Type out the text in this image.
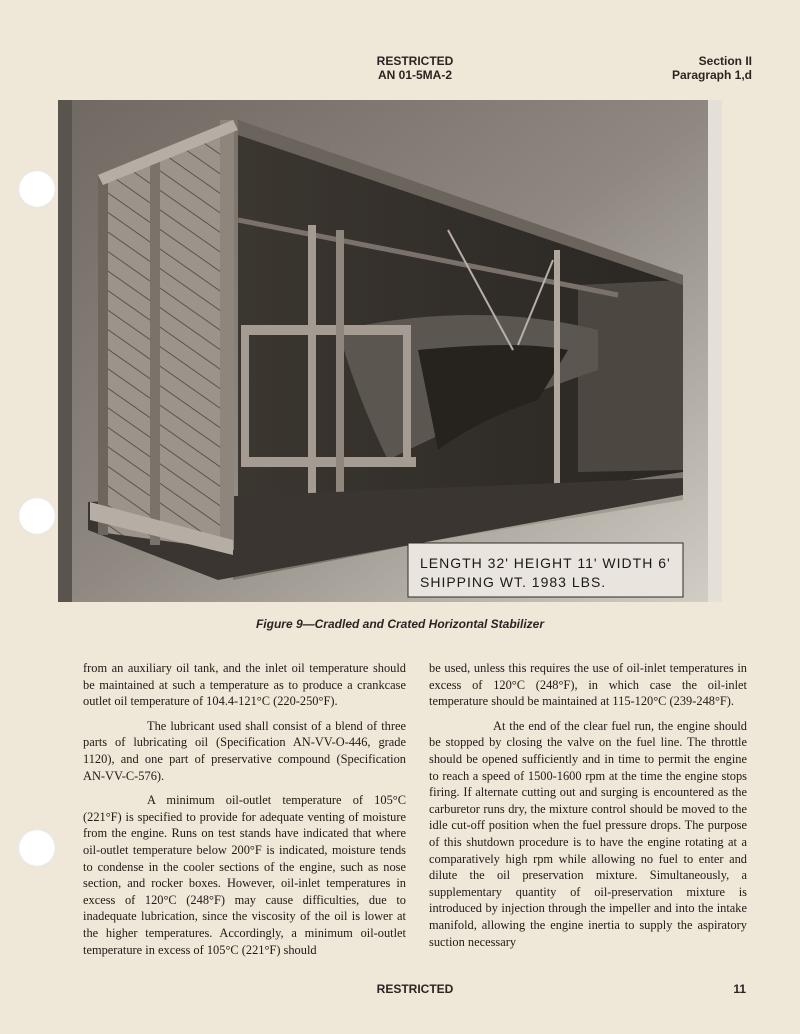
RESTRICTED
AN 01-5MA-2
Section II
Paragraph 1,d
LENGTH 32' HEIGHT 11' WIDTH 6'
SHIPPING WT. 1983 LBS.
Figure 9—Cradled and Crated Horizontal Stabilizer

from an auxiliary oil tank, and the inlet oil temperature should be maintained at such a temperature as to produce a crankcase outlet oil temperature of 104.4-121°C (220-250°F).

The lubricant used shall consist of a blend of three parts of lubricating oil (Specification AN-VV-O-446, grade 1120), and one part of preservative compound (Specification AN-VV-C-576).

A minimum oil-outlet temperature of 105°C (221°F) is specified to provide for adequate venting of moisture from the engine. Runs on test stands have indicated that where oil-outlet temperature below 200°F is indicated, moisture tends to condense in the cooler sections of the engine, such as nose section, and rocker boxes. However, oil-inlet temperatures in excess of 120°C (248°F) may cause difficulties, due to inadequate lubrication, since the viscosity of the oil is lower at the higher temperatures. Accordingly, a minimum oil-outlet temperature in excess of 105°C (221°F) should

be used, unless this requires the use of oil-inlet temperatures in excess of 120°C (248°F), in which case the oil-inlet temperature should be maintained at 115-120°C (239-248°F).

At the end of the clear fuel run, the engine should be stopped by closing the valve on the fuel line. The throttle should be opened sufficiently and in time to permit the engine to reach a speed of 1500-1600 rpm at the time the engine stops firing. If alternate cutting out and surging is encountered as the carburetor runs dry, the mixture control should be moved to the idle cut-off position when the fuel pressure drops. The purpose of this shutdown procedure is to have the engine rotating at a comparatively high rpm while allowing no fuel to enter and dilute the oil preservation mixture. Simultaneously, a supplementary quantity of oil-preservation mixture is introduced by injection through the impeller and into the intake manifold, allowing the engine inertia to supply the aspiratory suction necessary

RESTRICTED	11
